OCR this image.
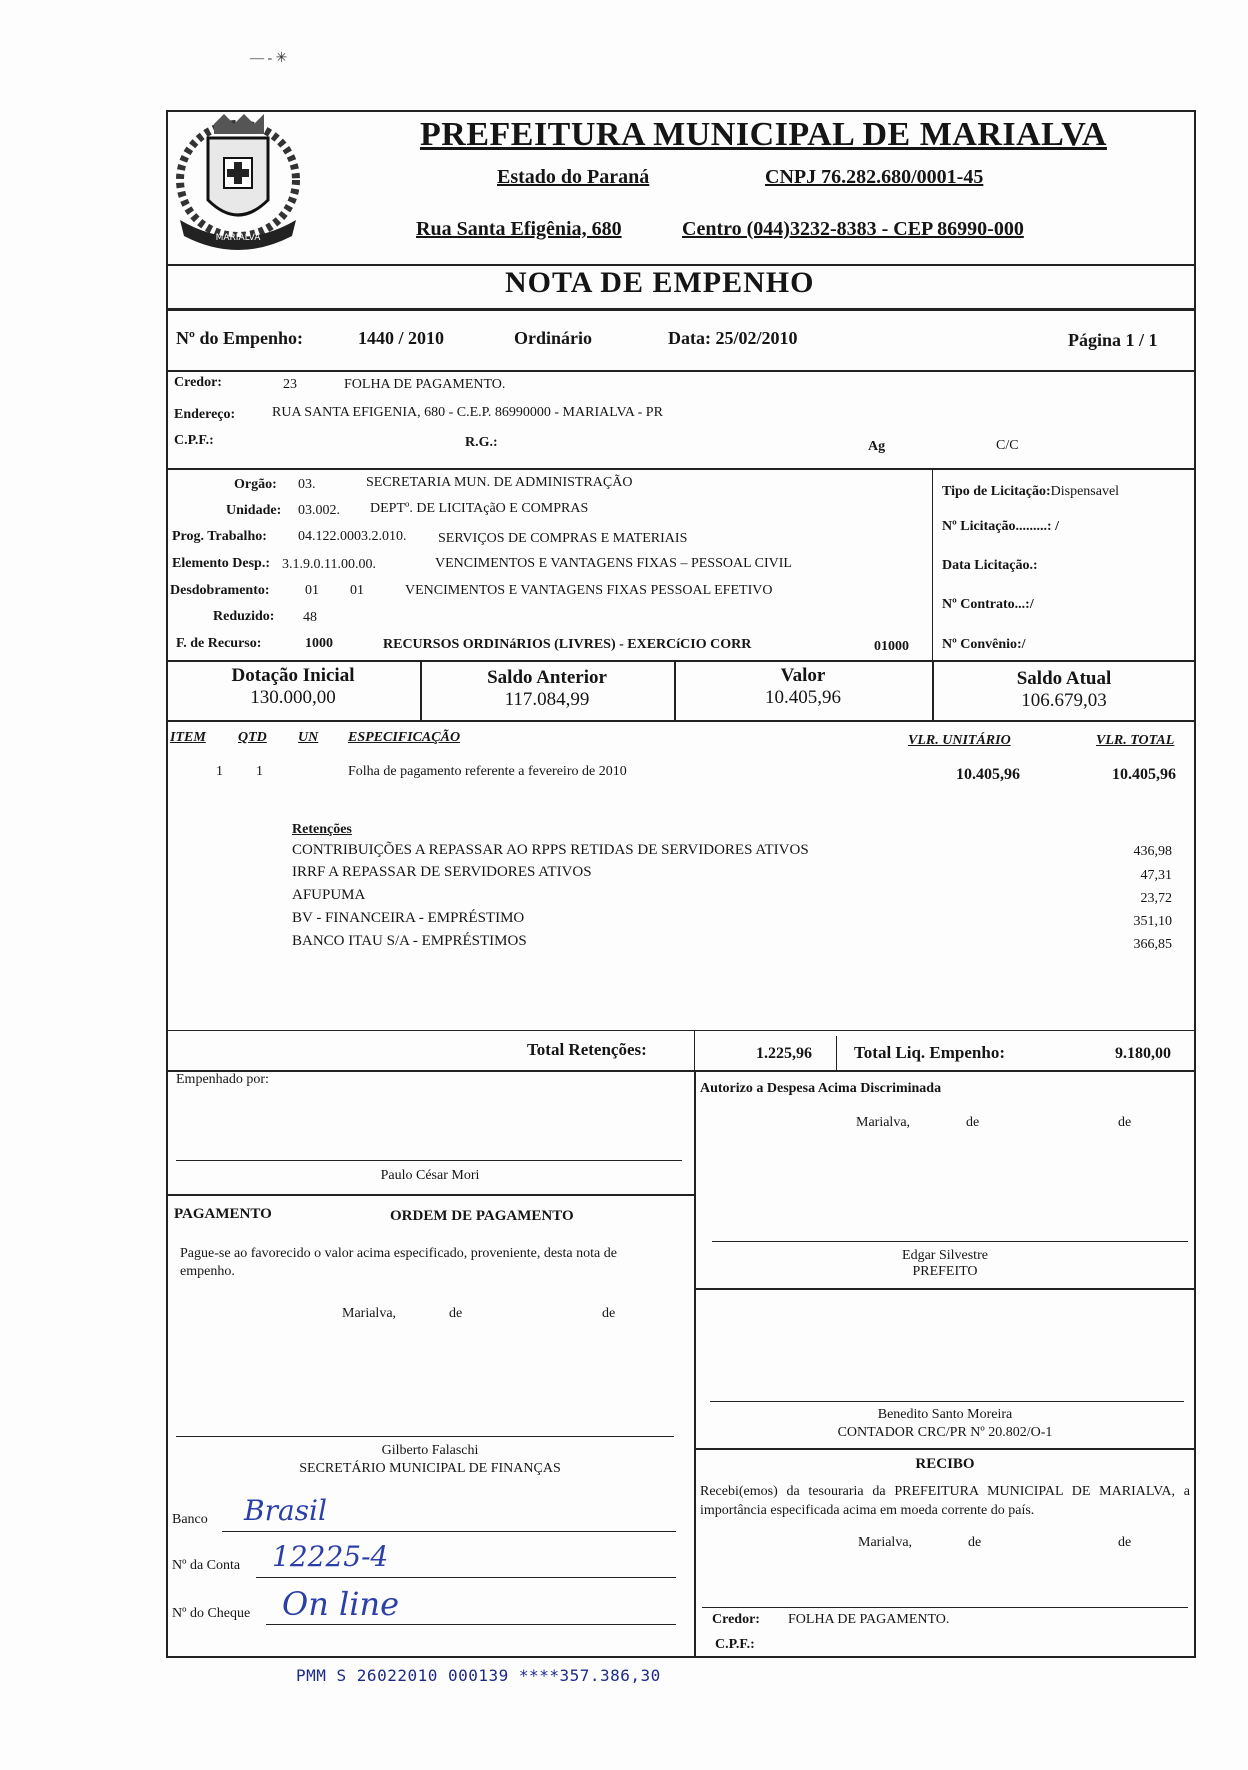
— ‑ ✳
MARIALVA
PREFEITURA MUNICIPAL DE MARIALVA
Estado do Paraná	CNPJ 76.282.680/0001-45
Rua Santa Efigênia, 680	Centro (044)3232-8383 - CEP 86990-000
NOTA DE EMPENHO
Nº do Empenho:	1440 / 2010	Ordinário	Data: 25/02/2010	Página 1 / 1
Credor:	23	FOLHA DE PAGAMENTO.
Endereço:	RUA SANTA EFIGENIA, 680 - C.E.P. 86990000 - MARIALVA - PR
C.P.F.:	R.G.:	Ag	C/C
Orgão: 03.	SECRETARIA MUN. DE ADMINISTRAÇÃO
Unidade: 03.002. DEPTº. DE LICITAçãO E COMPRAS
Prog. Trabalho: 04.122.0003.2.010. SERVIÇOS DE COMPRAS E MATERIAIS
Elemento Desp.: 3.1.9.0.11.00.00.	VENCIMENTOS E VANTAGENS FIXAS – PESSOAL CIVIL
Desdobramento:	01 01	VENCIMENTOS E VANTAGENS FIXAS PESSOAL EFETIVO
Reduzido: 48
F. de Recurso:	1000	RECURSOS ORDINáRIOS (LIVRES) - EXERCíCIO CORR	01000
Tipo de Licitação:Dispensavel
Nº Licitação.........: /
Data Licitação.:
Nº Contrato...:/
Nº Convênio:/
Dotação Inicial
130.000,00
Saldo Anterior
117.084,99
Valor
10.405,96
Saldo Atual
106.679,03
ITEM QTD UN ESPECIFICAÇÃO	VLR. UNITÁRIO	VLR. TOTAL
1 1	Folha de pagamento referente a fevereiro de 2010	10.405,96	10.405,96
Retenções
CONTRIBUIÇÕES A REPASSAR AO RPPS RETIDAS DE SERVIDORES ATIVOS	436,98
IRRF A REPASSAR DE SERVIDORES ATIVOS	47,31
AFUPUMA	23,72
BV - FINANCEIRA - EMPRÉSTIMO	351,10
BANCO ITAU S/A - EMPRÉSTIMOS	366,85
Total Retenções:	1.225,96 Total Liq. Empenho:	9.180,00
Empenhado por:
Paulo César Mori
Autorizo a Despesa Acima Discriminada
Marialva,	de	de
Edgar Silvestre
PREFEITO
PAGAMENTO	ORDEM DE PAGAMENTO
Pague-se ao favorecido o valor acima especificado, proveniente, desta nota de empenho.
Marialva,	de	de
Benedito Santo Moreira
CONTADOR CRC/PR Nº 20.802/O-1
Gilberto Falaschi
SECRETÁRIO MUNICIPAL DE FINANÇAS	RECIBO
Recebi(emos) da tesouraria da PREFEITURA MUNICIPAL DE MARIALVA, a importância especificada acima em moeda corrente do país.
Marialva,	de	de
Credor: FOLHA DE PAGAMENTO.
C.P.F.:
Banco Brasil
Nº da Conta 12225-4
Nº do Cheque On line
PMM S 26022010 000139 ****357.386,30
